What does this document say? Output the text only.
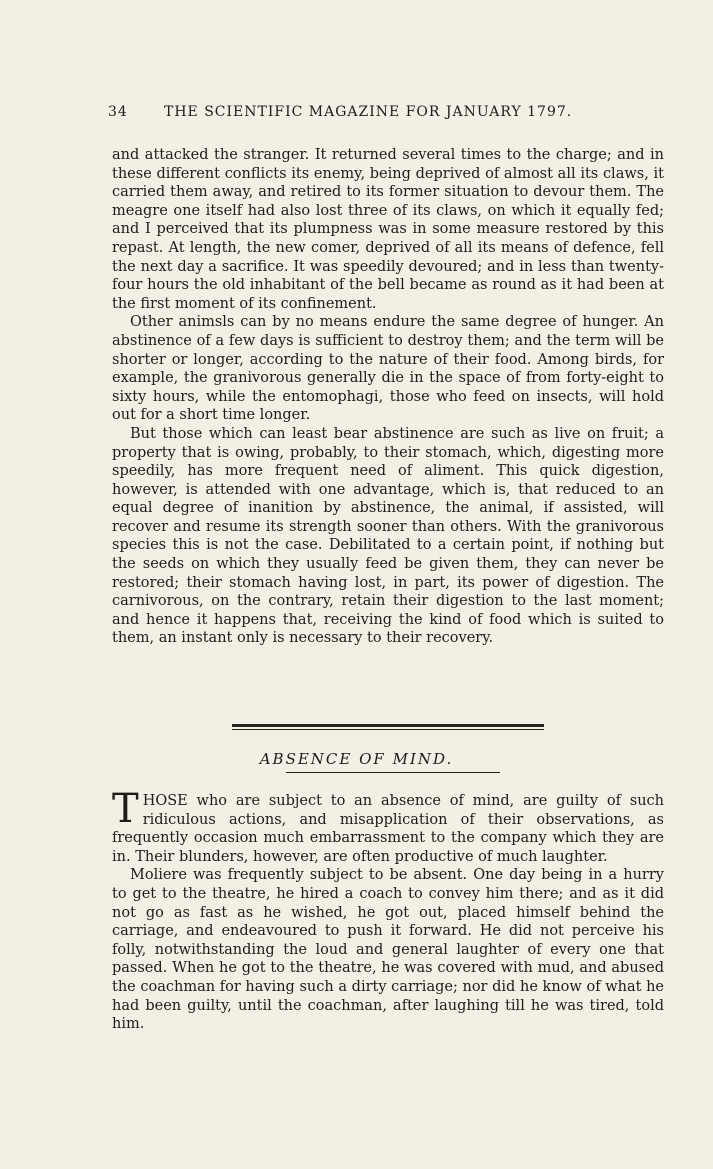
34	THE SCIENTIFIC MAGAZINE FOR JANUARY 1797.

and attacked the stranger. It returned several times to the charge; and in these different conflicts its enemy, being deprived of almost all its claws, it carried them away, and retired to its former situation to devour them. The meagre one itself had also lost three of its claws, on which it equally fed; and I perceived that its plumpness was in some measure restored by this repast. At length, the new comer, deprived of all its means of defence, fell the next day a sacrifice. It was speedily devoured; and in less than twenty-four hours the old inhabitant of the bell became as round as it had been at the first moment of its confinement.

Other animsls can by no means endure the same degree of hunger. An abstinence of a few days is sufficient to destroy them; and the term will be shorter or longer, according to the nature of their food. Among birds, for example, the granivorous generally die in the space of from forty-eight to sixty hours, while the entomophagi, those who feed on insects, will hold out for a short time longer.

But those which can least bear abstinence are such as live on fruit; a property that is owing, probably, to their stomach, which, digesting more speedily, has more frequent need of aliment. This quick digestion, however, is attended with one advantage, which is, that reduced to an equal degree of inanition by abstinence, the animal, if assisted, will recover and resume its strength sooner than others. With the granivorous species this is not the case. Debilitated to a certain point, if nothing but the seeds on which they usually feed be given them, they can never be restored; their stomach having lost, in part, its power of digestion. The carnivorous, on the contrary, retain their digestion to the last moment; and hence it happens that, receiving the kind of food which is suited to them, an instant only is necessary to their recovery.

ABSENCE OF MIND.

T HOSE who are subject to an absence of mind, are guilty of such ridiculous actions, and misapplication of their observations, as frequently occasion much embarrassment to the company which they are in. Their blunders, however, are often productive of much laughter.

Moliere was frequently subject to be absent. One day being in a hurry to get to the theatre, he hired a coach to convey him there; and as it did not go as fast as he wished, he got out, placed himself behind the carriage, and endeavoured to push it forward. He did not perceive his folly, notwithstanding the loud and general laughter of every one that passed. When he got to the theatre, he was covered with mud, and abused the coachman for having such a dirty carriage; nor did he know of what he had been guilty, until the coachman, after laughing till he was tired, told him.
